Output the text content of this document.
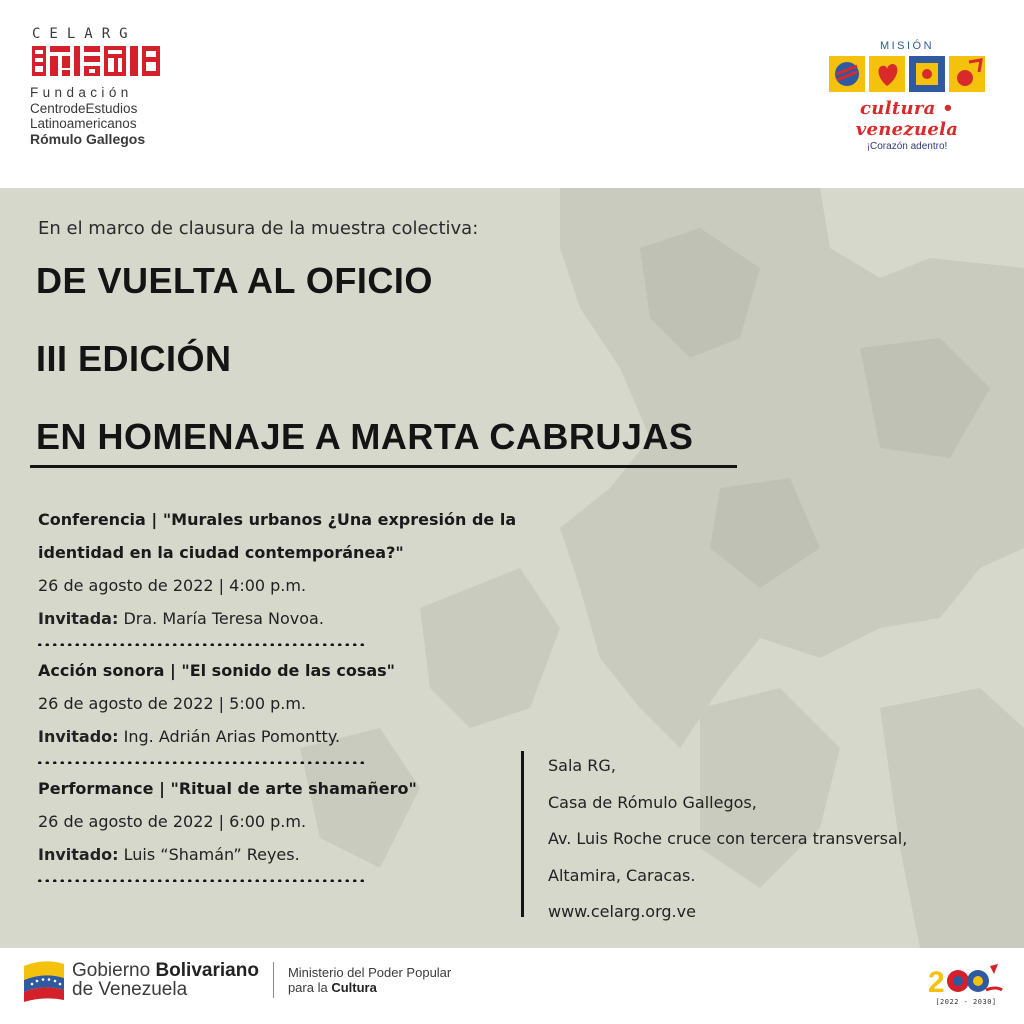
CELARG
Fundación
CentrodeEstudios
Latinoamericanos
Rómulo Gallegos
MISIÓN
cultura • venezuela
¡Corazón adentro!
En el marco de clausura de la muestra colectiva:
DE VUELTA AL OFICIO
III EDICIÓN
EN HOMENAJE A MARTA CABRUJAS
Conferencia | "Murales urbanos ¿Una expresión de la
identidad en la ciudad contemporánea?"
26 de agosto de 2022 | 4:00 p.m.
Invitada: Dra. María Teresa Novoa.
Acción sonora | "El sonido de las cosas"
26 de agosto de 2022 | 5:00 p.m.
Invitado: Ing. Adrián Arias Pomontty.
Performance | "Ritual de arte shamañero"
26 de agosto de 2022 | 6:00 p.m.
Invitado: Luis “Shamán” Reyes.
Sala RG,
Casa de Rómulo Gallegos,
Av. Luis Roche cruce con tercera transversal,
Altamira, Caracas.
www.celarg.org.ve
Gobierno Bolivariano
de Venezuela
Ministerio del Poder Popular
para la Cultura	2
[2022 - 2030]
